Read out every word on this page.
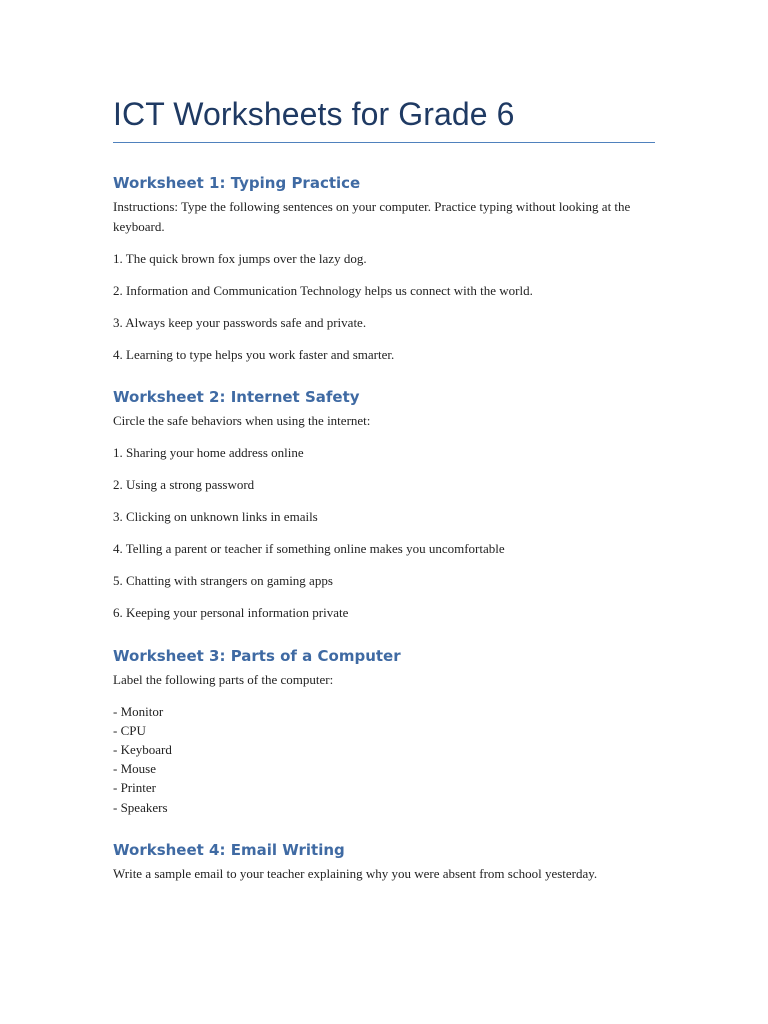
ICT Worksheets for Grade 6
Worksheet 1: Typing Practice

Instructions: Type the following sentences on your computer. Practice typing without looking at the keyboard.

1. The quick brown fox jumps over the lazy dog.

2. Information and Communication Technology helps us connect with the world.

3. Always keep your passwords safe and private.

4. Learning to type helps you work faster and smarter.

Worksheet 2: Internet Safety

Circle the safe behaviors when using the internet:

1. Sharing your home address online

2. Using a strong password

3. Clicking on unknown links in emails

4. Telling a parent or teacher if something online makes you uncomfortable

5. Chatting with strangers on gaming apps

6. Keeping your personal information private

Worksheet 3: Parts of a Computer

Label the following parts of the computer:

- Monitor
- CPU
- Keyboard
- Mouse
- Printer
- Speakers
Worksheet 4: Email Writing

Write a sample email to your teacher explaining why you were absent from school yesterday.
